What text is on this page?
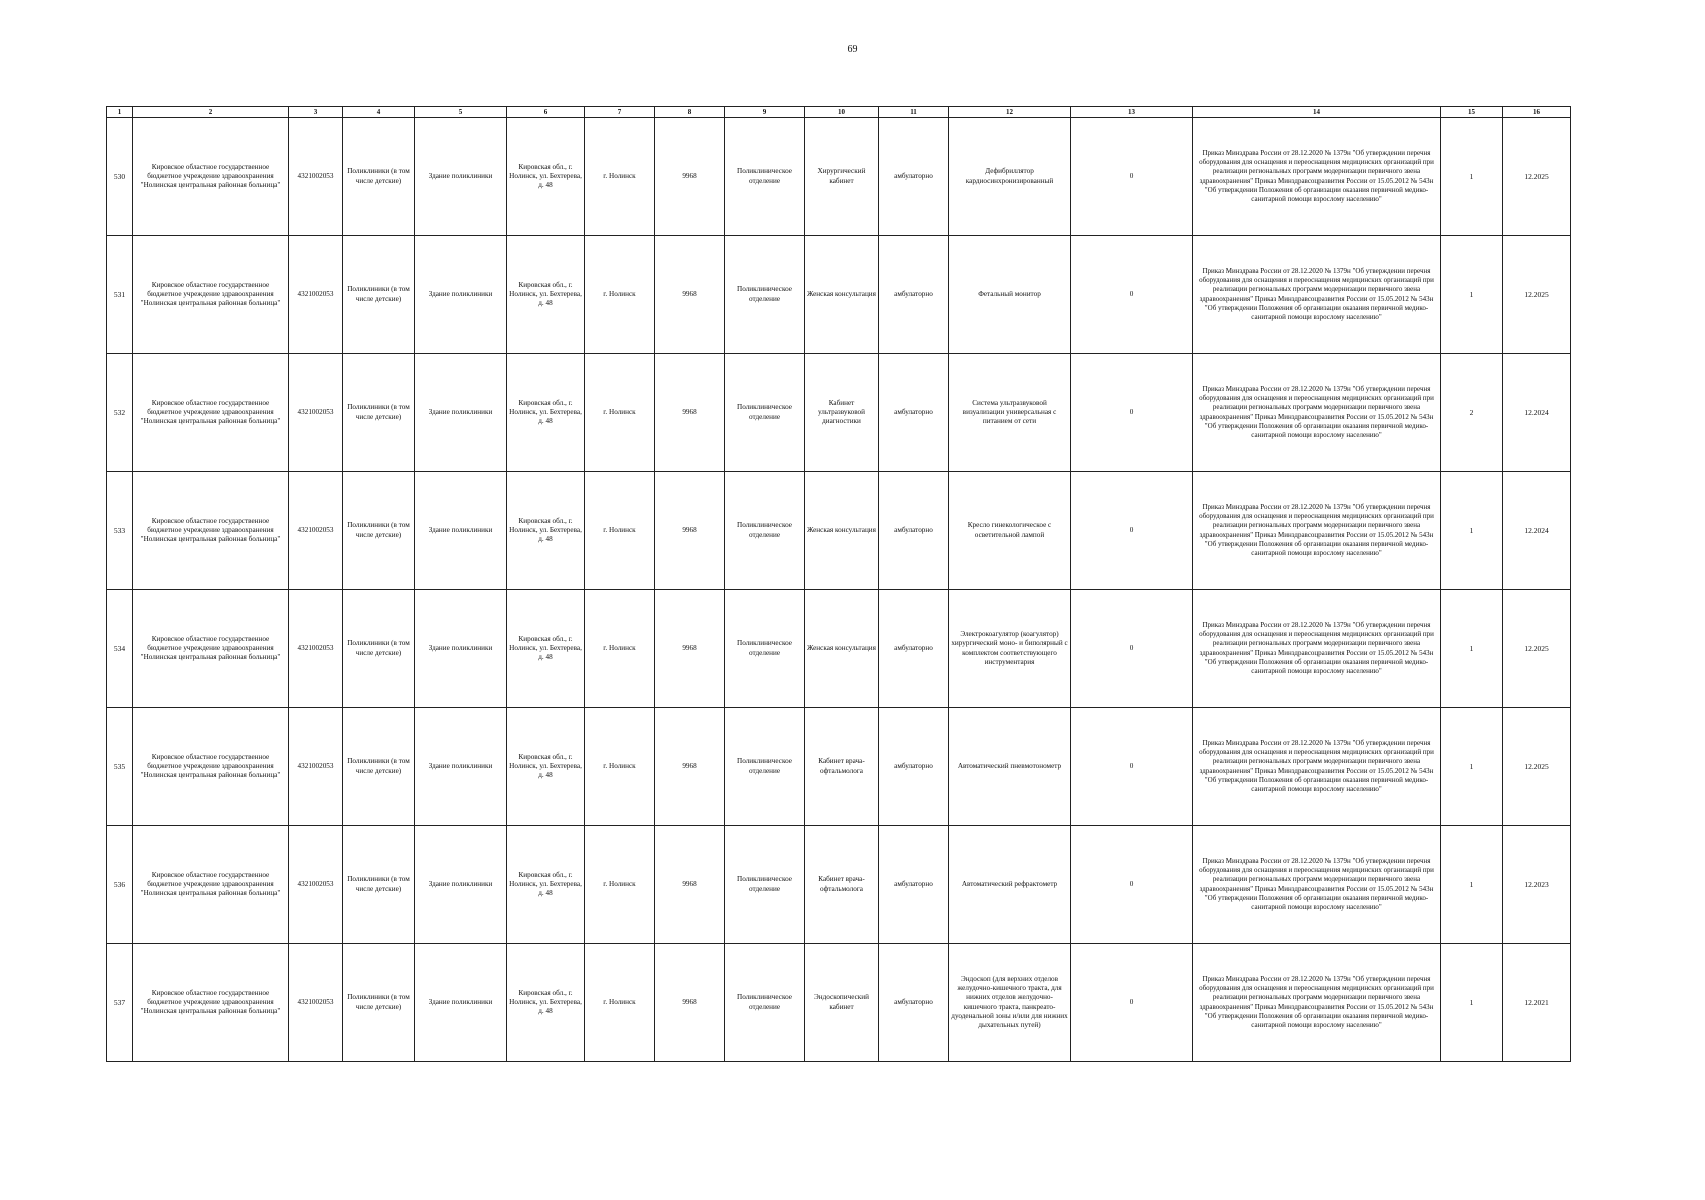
69
1	2	3	4	5	6	7	8	9	10	11	12	13	14	15	16
530	Кировское областное государственное бюджетное учреждение здравоохранения "Нолинская центральная районная больница"	4321002053	Поликлиники (в том числе детские)	Здание поликлиники	Кировская обл., г. Нолинск, ул. Бехтерева, д. 48	г. Нолинск	9968	Поликлиническое отделение	Хирургический кабинет	амбулаторно	Дефибриллятор кардиосинхронизированный	0	Приказ Минздрава России от 28.12.2020 № 1379н "Об утверждении перечня оборудования для оснащения и переоснащения медицинских организаций при реализации региональных программ модернизации первичного звена здравоохранения" Приказ Минздравсоцразвития России от 15.05.2012 № 543н "Об утверждении Положения об организации оказания первичной медико-санитарной помощи взрослому населению"	1	12.2025
531	Кировское областное государственное бюджетное учреждение здравоохранения "Нолинская центральная районная больница"	4321002053	Поликлиники (в том числе детские)	Здание поликлиники	Кировская обл., г. Нолинск, ул. Бехтерева, д. 48	г. Нолинск	9968	Поликлиническое отделение	Женская консультация	амбулаторно	Фетальный монитор	0	Приказ Минздрава России от 28.12.2020 № 1379н "Об утверждении перечня оборудования для оснащения и переоснащения медицинских организаций при реализации региональных программ модернизации первичного звена здравоохранения" Приказ Минздравсоцразвития России от 15.05.2012 № 543н "Об утверждении Положения об организации оказания первичной медико-санитарной помощи взрослому населению"	1	12.2025
532	Кировское областное государственное бюджетное учреждение здравоохранения "Нолинская центральная районная больница"	4321002053	Поликлиники (в том числе детские)	Здание поликлиники	Кировская обл., г. Нолинск, ул. Бехтерева, д. 48	г. Нолинск	9968	Поликлиническое отделение	Кабинет ультразвуковой диагностики	амбулаторно	Система ультразвуковой визуализации универсальная с питанием от сети	0	Приказ Минздрава России от 28.12.2020 № 1379н "Об утверждении перечня оборудования для оснащения и переоснащения медицинских организаций при реализации региональных программ модернизации первичного звена здравоохранения" Приказ Минздравсоцразвития России от 15.05.2012 № 543н "Об утверждении Положения об организации оказания первичной медико-санитарной помощи взрослому населению"	2	12.2024
533	Кировское областное государственное бюджетное учреждение здравоохранения "Нолинская центральная районная больница"	4321002053	Поликлиники (в том числе детские)	Здание поликлиники	Кировская обл., г. Нолинск, ул. Бехтерева, д. 48	г. Нолинск	9968	Поликлиническое отделение	Женская консультация	амбулаторно	Кресло гинекологическое с осветительной лампой	0	Приказ Минздрава России от 28.12.2020 № 1379н "Об утверждении перечня оборудования для оснащения и переоснащения медицинских организаций при реализации региональных программ модернизации первичного звена здравоохранения" Приказ Минздравсоцразвития России от 15.05.2012 № 543н "Об утверждении Положения об организации оказания первичной медико-санитарной помощи взрослому населению"	1	12.2024
534	Кировское областное государственное бюджетное учреждение здравоохранения "Нолинская центральная районная больница"	4321002053	Поликлиники (в том числе детские)	Здание поликлиники	Кировская обл., г. Нолинск, ул. Бехтерева, д. 48	г. Нолинск	9968	Поликлиническое отделение	Женская консультация	амбулаторно	Электрокоагулятор (коагулятор) хирургический моно- и биполярный с комплектом соответствующего инструментария	0	Приказ Минздрава России от 28.12.2020 № 1379н "Об утверждении перечня оборудования для оснащения и переоснащения медицинских организаций при реализации региональных программ модернизации первичного звена здравоохранения" Приказ Минздравсоцразвития России от 15.05.2012 № 543н "Об утверждении Положения об организации оказания первичной медико-санитарной помощи взрослому населению"	1	12.2025
535	Кировское областное государственное бюджетное учреждение здравоохранения "Нолинская центральная районная больница"	4321002053	Поликлиники (в том числе детские)	Здание поликлиники	Кировская обл., г. Нолинск, ул. Бехтерева, д. 48	г. Нолинск	9968	Поликлиническое отделение	Кабинет врача-офтальмолога	амбулаторно	Автоматический пневмотонометр	0	Приказ Минздрава России от 28.12.2020 № 1379н "Об утверждении перечня оборудования для оснащения и переоснащения медицинских организаций при реализации региональных программ модернизации первичного звена здравоохранения" Приказ Минздравсоцразвития России от 15.05.2012 № 543н "Об утверждении Положения об организации оказания первичной медико-санитарной помощи взрослому населению"	1	12.2025
536	Кировское областное государственное бюджетное учреждение здравоохранения "Нолинская центральная районная больница"	4321002053	Поликлиники (в том числе детские)	Здание поликлиники	Кировская обл., г. Нолинск, ул. Бехтерева, д. 48	г. Нолинск	9968	Поликлиническое отделение	Кабинет врача-офтальмолога	амбулаторно	Автоматический рефрактометр	0	Приказ Минздрава России от 28.12.2020 № 1379н "Об утверждении перечня оборудования для оснащения и переоснащения медицинских организаций при реализации региональных программ модернизации первичного звена здравоохранения" Приказ Минздравсоцразвития России от 15.05.2012 № 543н "Об утверждении Положения об организации оказания первичной медико-санитарной помощи взрослому населению"	1	12.2023
537	Кировское областное государственное бюджетное учреждение здравоохранения "Нолинская центральная районная больница"	4321002053	Поликлиники (в том числе детские)	Здание поликлиники	Кировская обл., г. Нолинск, ул. Бехтерева, д. 48	г. Нолинск	9968	Поликлиническое отделение	Эндоскопический кабинет	амбулаторно	Эндоскоп (для верхних отделов желудочно-кишечного тракта, для нижних отделов желудочно-кишечного тракта, панкреато-дуоденальной зоны и/или для нижних дыхательных путей)	0	Приказ Минздрава России от 28.12.2020 № 1379н "Об утверждении перечня оборудования для оснащения и переоснащения медицинских организаций при реализации региональных программ модернизации первичного звена здравоохранения" Приказ Минздравсоцразвития России от 15.05.2012 № 543н "Об утверждении Положения об организации оказания первичной медико-санитарной помощи взрослому населению"	1	12.2021
